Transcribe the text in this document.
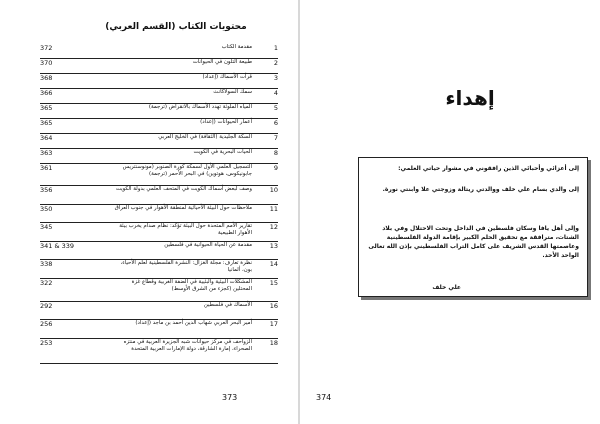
محتويات الكتاب (القسم العربي)
1
مقدمة الكتاب
372
2
طبيعة التلون في الحيوانات
370
3
قرأت الأسماك (إعداد)
368
4
سمك السولاكانث
366
5
المياه الملوثة تهدد الأسماك بالانقراض (ترجمة)
365
6
أعمار الحيوانات (إعداد)
365
7
السكة الجليدية (الثقافة) في الخليج العربي
364
8
الحيات البحرية في الكويت
363
9
التسجيل العلمي الأول لسمكة كورة الصنوبر (مونوسنتريس جابونيكوس، هوتوين) في البحر الأحمر (ترجمة)
361
10
وصف لبعض أسماك الكويت في المتحف العلمي بدولة الكويت
356
11
ملاحظات حول البيئة الأحيائية لمنطقة الأهوار في جنوب العراق
350
12
تقارير الأمم المتحدة حول البيئة تؤكد: نظام صدام يخرب بيئة الأهوار الطبيعية
345
13
مقدمة عن الحياة الحيوانية في فلسطين
341 & 339
14
نظرة تعارف: مجلة الغزال: النشرة الفلسطينية لعلم الأحياء، بون، ألمانيا
338
15
المشكلات البيئية والبئيية في الضفة الغربية وقطاع غزة المحتلين (كجزء من الشرق الأوسط)
322
16
الأسماك في فلسطين
292
17
أمير البحر العربي شهاب الدين أحمد بن ماجد (إعداد)
256
18
الزواحف في مركز حيوانات شبه الجزيرة العربية في منتزه الصحراء، إمارة الشارقة، دولة الإمارات العربية المتحدة
253
373
إهداء
إلى أعزائي وأحبائي الذين رافقوني في مشوار حياتي العلمي:
إلى والدي بسام علي خلف ووالدتي ريتالة وزوجتي علا وابنتي نورة.
وإلى أهل يافا وسكان فلسطين في الداخل وتحت الاحتلال وفي بلاد الشتات، مترافقة مع تحقيق الحلم الكبير بإقامة الدولة الفلسطينية وعاصمتها القدس الشريف على كامل التراب الفلسطيني بإذن الله تعالى الواحد الأحد.
علي خلف
374
